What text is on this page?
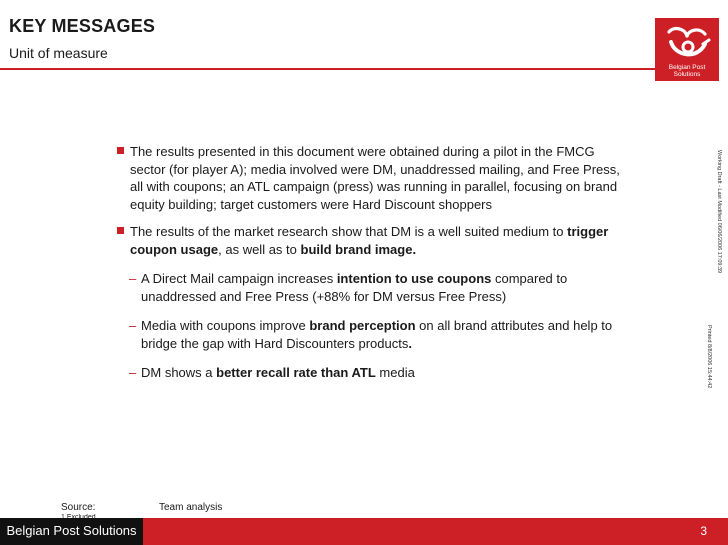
KEY MESSAGES
Unit of measure
Belgian Post Solutions
Working Draft - Last Modified 06/06/2006 17:09:39
Printed 8/8/2006 15:44:42
The results presented in this document were obtained during a pilot in the FMCG sector (for player A); media involved were DM, unaddressed mailing, and Free Press, all with coupons; an ATL campaign (press) was running in parallel, focusing on brand equity building; target customers were Hard Discount shoppers
The results of the market research show that DM is a well suited medium to trigger coupon usage, as well as to build brand image.
– A Direct Mail campaign increases intention to use coupons compared to unaddressed and Free Press (+88% for DM versus Free Press)
– Media with coupons improve brand perception on all brand attributes and help to bridge the gap with Hard Discounters products.
– DM shows a better recall rate than ATL media
Source:	Team analysis
1 Excluded
Belgian Post Solutions	3
